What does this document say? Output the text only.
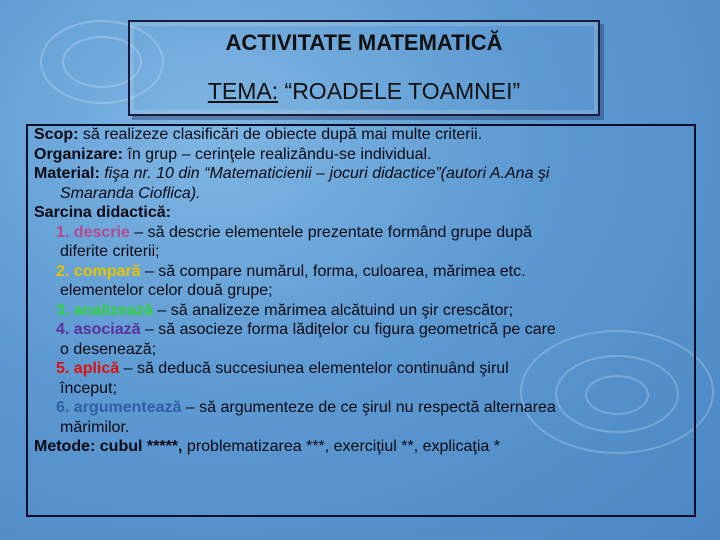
ACTIVITATE MATEMATICĂ
TEMA: “ROADELE TOAMNEI”
Scop: să realizeze clasificări de obiecte după mai multe criterii.
Organizare: în grup – cerinţele realizându-se individual.
Material: fişa nr. 10 din “Matematicienii – jocuri didactice”(autori A.Ana şi
Smaranda Cioflica).
Sarcina didactică:
1. descrie – să descrie elementele prezentate formând grupe după
diferite criterii;
2. compară – să compare numărul, forma, culoarea, mărimea etc.
elementelor celor două grupe;
3. analizează – să analizeze mărimea alcătuind un şir crescător;
4. asociază – să asocieze forma lădiţelor cu figura geometrică pe care
o desenează;
5. aplică – să deducă succesiunea elementelor continuând şirul
început;
6. argumentează – să argumenteze de ce şirul nu respectă alternarea
mărimilor.
Metode: cubul *****, problematizarea ***, exerciţiul **, explicaţia *
